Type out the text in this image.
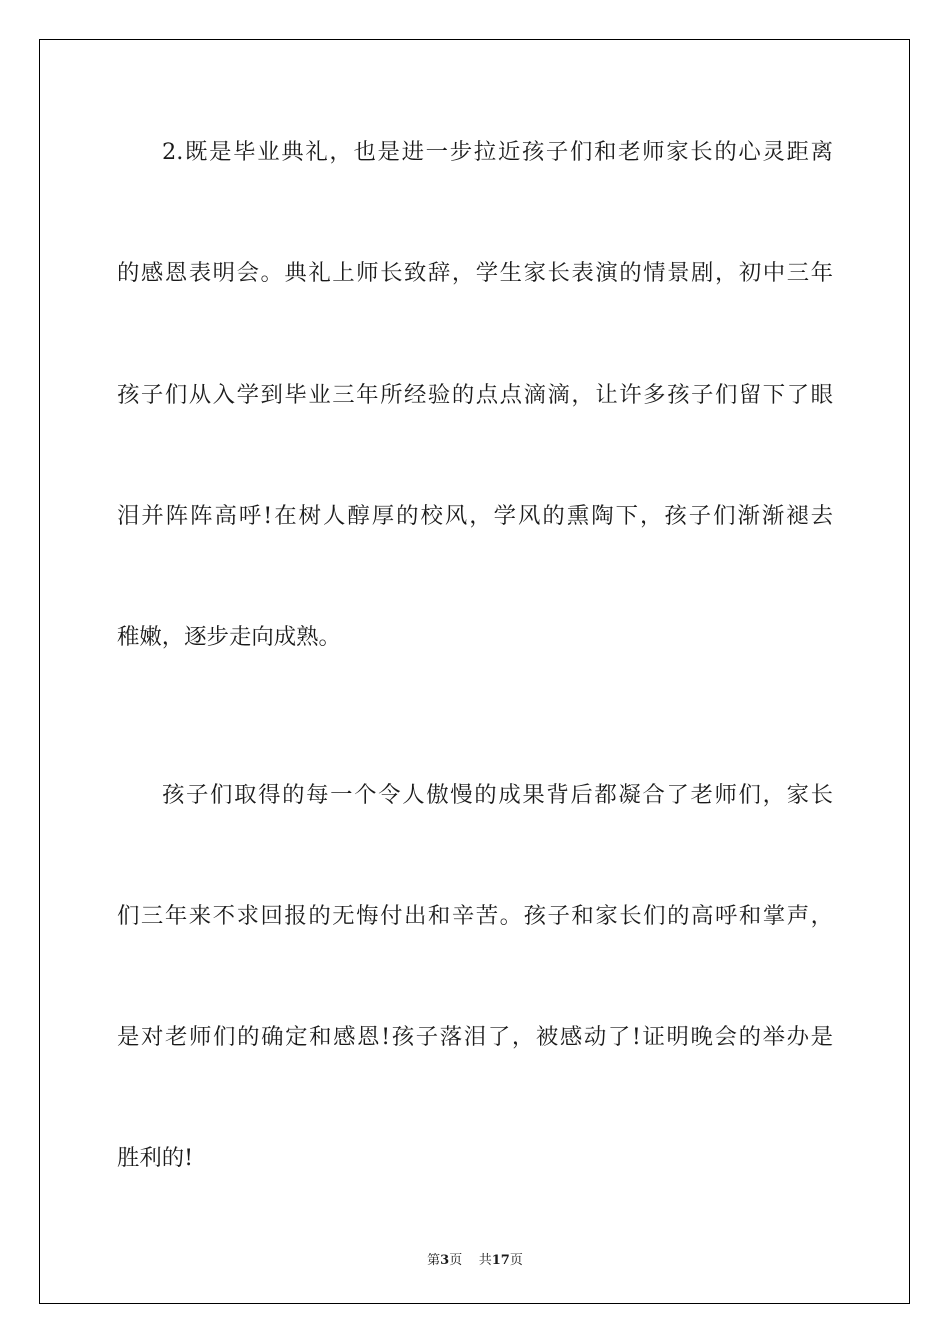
2.既是毕业典礼，也是进一步拉近孩子们和老师家长的心灵距离
的感恩表明会。典礼上师长致辞，学生家长表演的情景剧，初中三年
孩子们从入学到毕业三年所经验的点点滴滴，让许多孩子们留下了眼
泪并阵阵高呼!在树人醇厚的校风，学风的熏陶下，孩子们渐渐褪去
稚嫩，逐步走向成熟。
孩子们取得的每一个令人傲慢的成果背后都凝合了老师们，家长
们三年来不求回报的无悔付出和辛苦。孩子和家长们的高呼和掌声，
是对老师们的确定和感恩!孩子落泪了，被感动了!证明晚会的举办是
胜利的!
第3页 共17页
